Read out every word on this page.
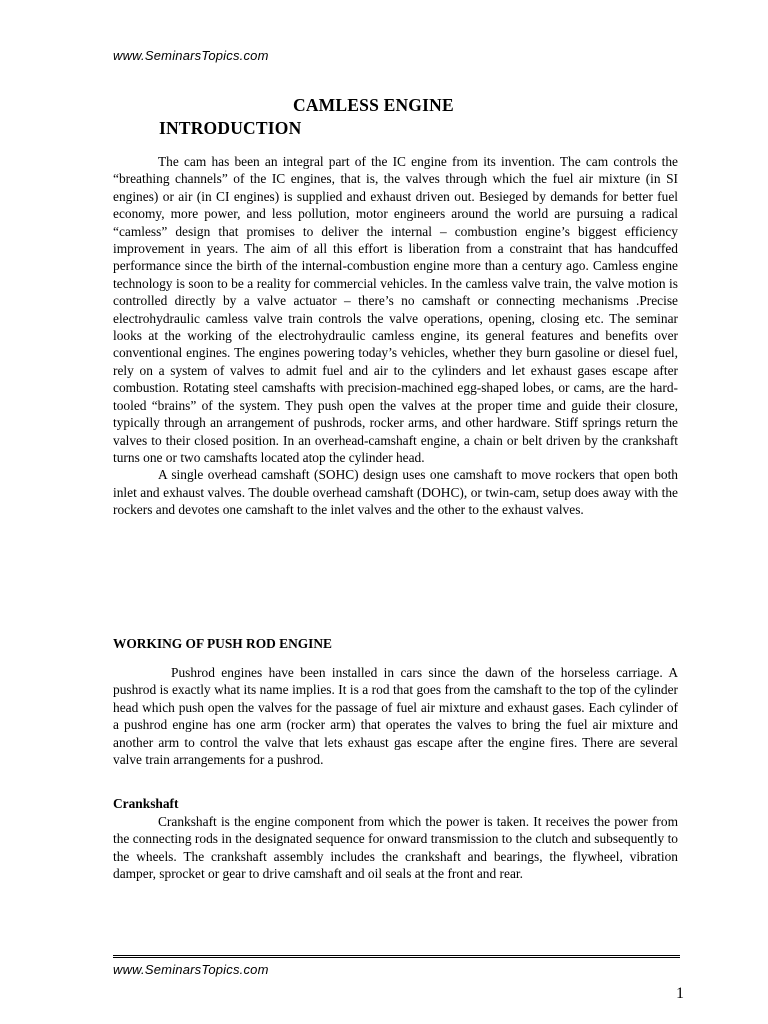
www.SeminarsTopics.com
CAMLESS ENGINE
INTRODUCTION

The cam has been an integral part of the IC engine from its invention. The cam controls the “breathing channels” of the IC engines, that is, the valves through which the fuel air mixture (in SI engines) or air (in CI engines) is supplied and exhaust driven out. Besieged by demands for better fuel economy, more power, and less pollution, motor engineers around the world are pursuing a radical “camless” design that promises to deliver the internal – combustion engine’s biggest efficiency improvement in years. The aim of all this effort is liberation from a constraint that has handcuffed performance since the birth of the internal-combustion engine more than a century ago. Camless engine technology is soon to be a reality for commercial vehicles. In the camless valve train, the valve motion is controlled directly by a valve actuator – there’s no camshaft or connecting mechanisms .Precise electrohydraulic camless valve train controls the valve operations, opening, closing etc. The seminar looks at the working of the electrohydraulic camless engine, its general features and benefits over conventional engines. The engines powering today’s vehicles, whether they burn gasoline or diesel fuel, rely on a system of valves to admit fuel and air to the cylinders and let exhaust gases escape after combustion. Rotating steel camshafts with precision-machined egg-shaped lobes, or cams, are the hard-tooled “brains” of the system. They push open the valves at the proper time and guide their closure, typically through an arrangement of pushrods, rocker arms, and other hardware. Stiff springs return the valves to their closed position. In an overhead-camshaft engine, a chain or belt driven by the crankshaft turns one or two camshafts located atop the cylinder head.

A single overhead camshaft (SOHC) design uses one camshaft to move rockers that open both inlet and exhaust valves. The double overhead camshaft (DOHC), or twin-cam, setup does away with the rockers and devotes one camshaft to the inlet valves and the other to the exhaust valves.

WORKING OF PUSH ROD ENGINE

Pushrod engines have been installed in cars since the dawn of the horseless carriage. A pushrod is exactly what its name implies. It is a rod that goes from the camshaft to the top of the cylinder head which push open the valves for the passage of fuel air mixture and exhaust gases. Each cylinder of a pushrod engine has one arm (rocker arm) that operates the valves to bring the fuel air mixture and another arm to control the valve that lets exhaust gas escape after the engine fires. There are several valve train arrangements for a pushrod.

Crankshaft

Crankshaft is the engine component from which the power is taken. It receives the power from the connecting rods in the designated sequence for onward transmission to the clutch and subsequently to the wheels. The crankshaft assembly includes the crankshaft and bearings, the flywheel, vibration damper, sprocket or gear to drive camshaft and oil seals at the front and rear.

www.SeminarsTopics.com
1
